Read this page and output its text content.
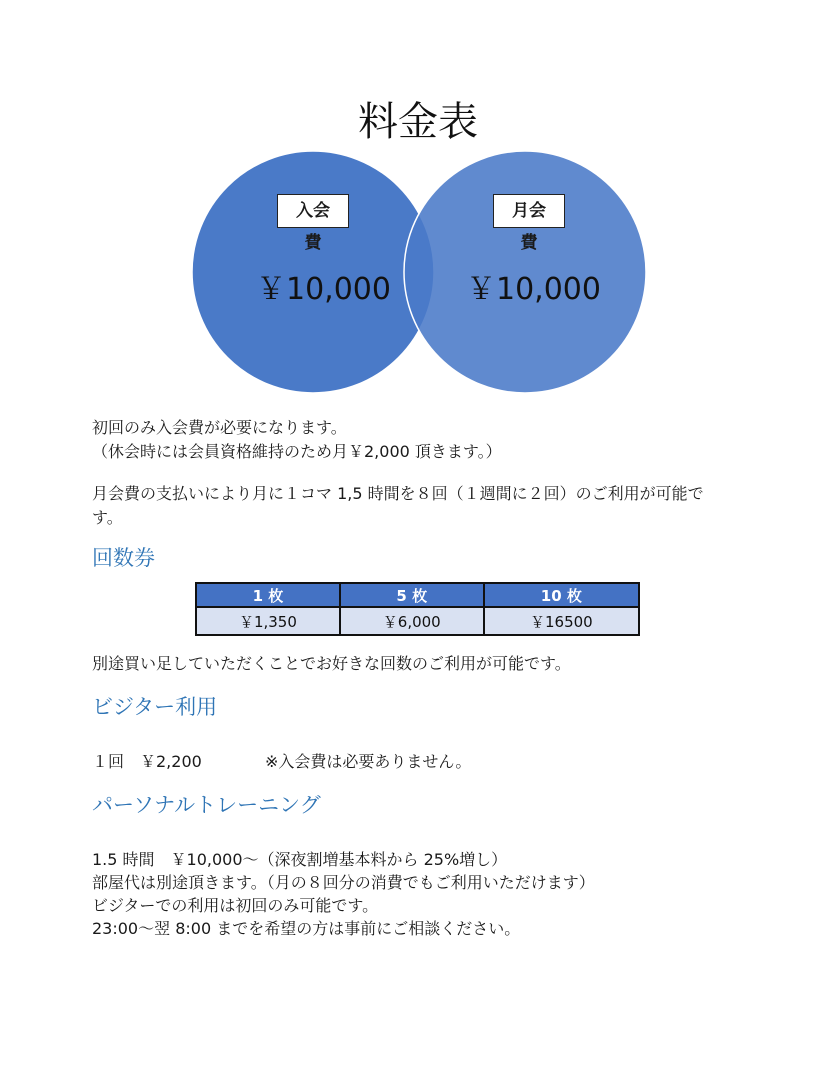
料金表
入会費
月会費
￥10,000	￥10,000
初回のみ入会費が必要になります。
（休会時には会員資格維持のため月￥2,000 頂きます。）
月会費の支払いにより月に１コマ 1,5 時間を８回（１週間に２回）のご利用が可能で
す。
回数券
1 枚	5 枚	10 枚
￥1,350	￥6,000	￥16500
別途買い足していただくことでお好きな回数のご利用が可能です。
ビジター利用
１回　￥2,200	※入会費は必要ありません。
パーソナルトレーニング
1.5 時間　￥10,000〜（深夜割増基本料から 25%増し）
部屋代は別途頂きます。（月の８回分の消費でもご利用いただけます）
ビジターでの利用は初回のみ可能です。
23:00〜翌 8:00 までを希望の方は事前にご相談ください。
